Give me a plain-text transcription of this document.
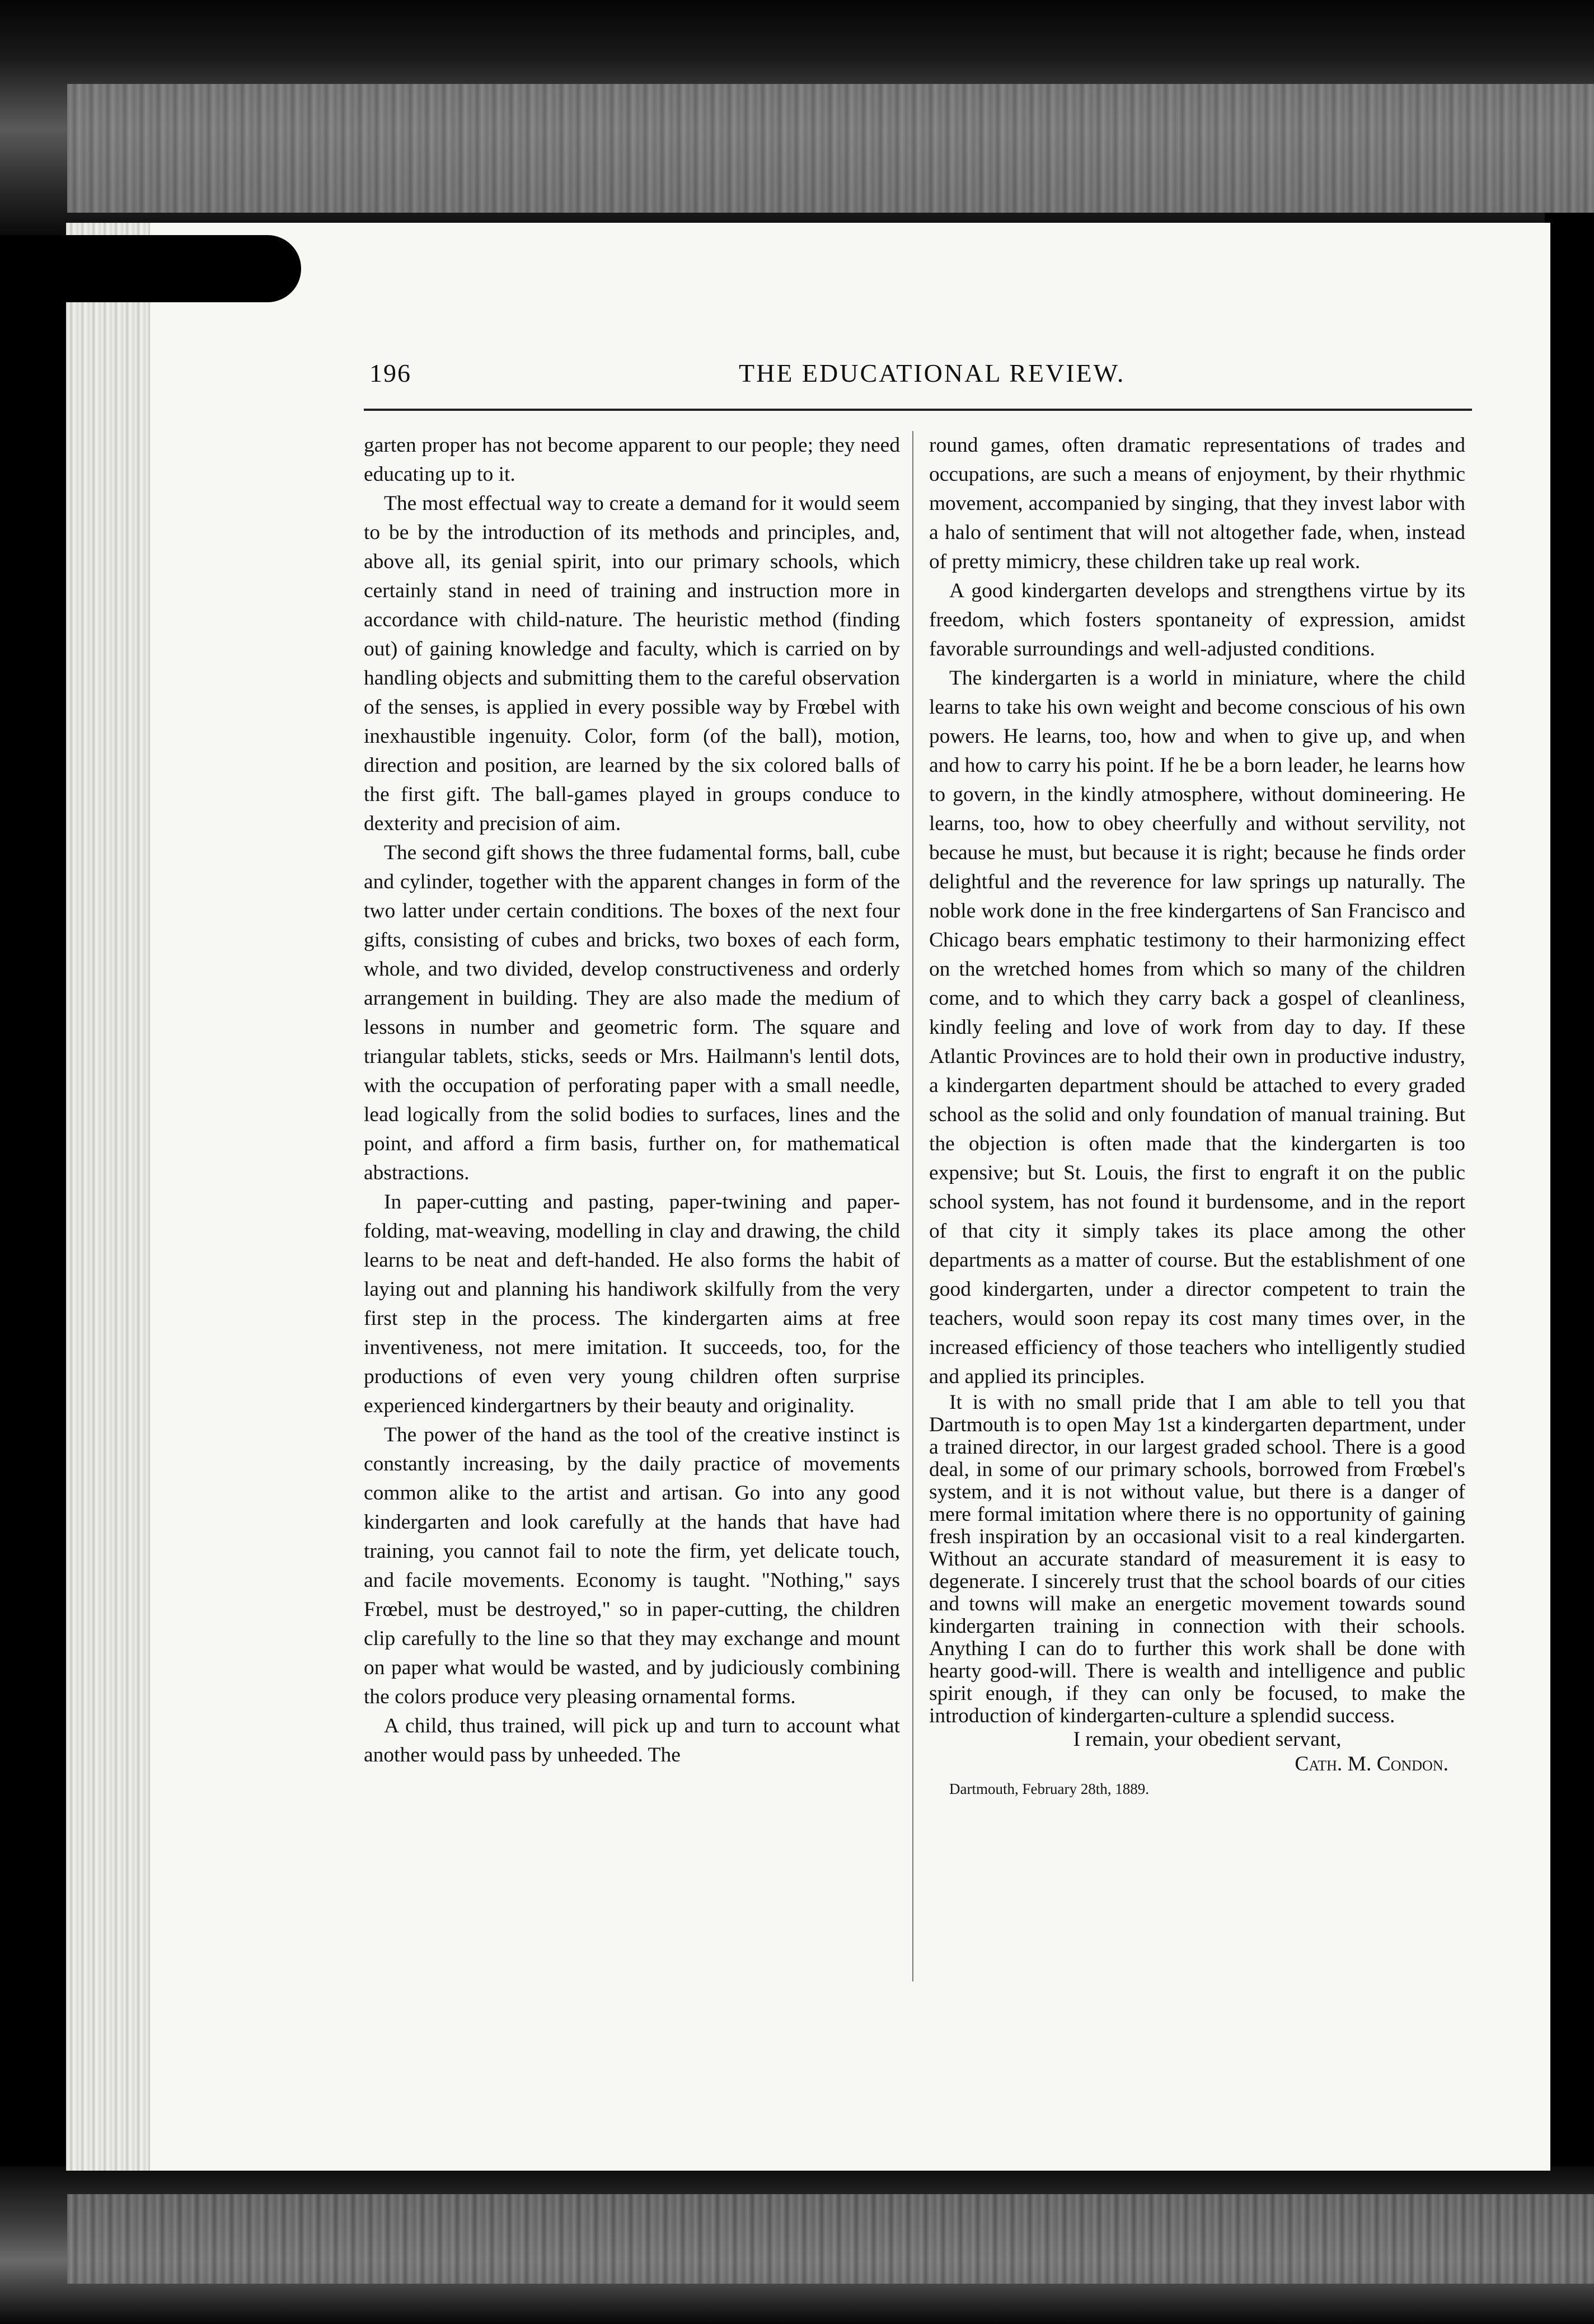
196	THE EDUCATIONAL REVIEW.

garten proper has not become apparent to our people; they need educating up to it.

The most effectual way to create a demand for it would seem to be by the introduction of its methods and principles, and, above all, its genial spirit, into our primary schools, which certainly stand in need of training and instruction more in accordance with child-nature. The heuristic method (finding out) of gaining knowledge and faculty, which is carried on by handling objects and submitting them to the careful observation of the senses, is applied in every possible way by Frœbel with inexhaustible ingenuity. Color, form (of the ball), motion, direction and position, are learned by the six colored balls of the first gift. The ball-games played in groups conduce to dexterity and precision of aim.

The second gift shows the three fudamental forms, ball, cube and cylinder, together with the apparent changes in form of the two latter under certain conditions. The boxes of the next four gifts, consisting of cubes and bricks, two boxes of each form, whole, and two divided, develop constructiveness and orderly arrangement in building. They are also made the medium of lessons in number and geometric form. The square and triangular tablets, sticks, seeds or Mrs. Hailmann's lentil dots, with the occupation of perforating paper with a small needle, lead logically from the solid bodies to surfaces, lines and the point, and afford a firm basis, further on, for mathematical abstractions.

In paper-cutting and pasting, paper-twining and paper-folding, mat-weaving, modelling in clay and drawing, the child learns to be neat and deft-handed. He also forms the habit of laying out and planning his handiwork skilfully from the very first step in the process. The kindergarten aims at free inventiveness, not mere imitation. It succeeds, too, for the productions of even very young children often surprise experienced kindergartners by their beauty and originality.

The power of the hand as the tool of the creative instinct is constantly increasing, by the daily practice of movements common alike to the artist and artisan. Go into any good kindergarten and look carefully at the hands that have had training, you cannot fail to note the firm, yet delicate touch, and facile movements. Economy is taught. "Nothing," says Frœbel, must be destroyed," so in paper-cutting, the children clip carefully to the line so that they may exchange and mount on paper what would be wasted, and by judiciously combining the colors produce very pleasing ornamental forms.

A child, thus trained, will pick up and turn to account what another would pass by unheeded. The

round games, often dramatic representations of trades and occupations, are such a means of enjoyment, by their rhythmic movement, accompanied by singing, that they invest labor with a halo of sentiment that will not altogether fade, when, instead of pretty mimicry, these children take up real work.

A good kindergarten develops and strengthens virtue by its freedom, which fosters spontaneity of expression, amidst favorable surroundings and well-adjusted conditions.

The kindergarten is a world in miniature, where the child learns to take his own weight and become conscious of his own powers. He learns, too, how and when to give up, and when and how to carry his point. If he be a born leader, he learns how to govern, in the kindly atmosphere, without domineering. He learns, too, how to obey cheerfully and without servility, not because he must, but because it is right; because he finds order delightful and the reverence for law springs up naturally. The noble work done in the free kindergartens of San Francisco and Chicago bears emphatic testimony to their harmonizing effect on the wretched homes from which so many of the children come, and to which they carry back a gospel of cleanliness, kindly feeling and love of work from day to day. If these Atlantic Provinces are to hold their own in productive industry, a kindergarten department should be attached to every graded school as the solid and only foundation of manual training. But the objection is often made that the kindergarten is too expensive; but St. Louis, the first to engraft it on the public school system, has not found it burdensome, and in the report of that city it simply takes its place among the other departments as a matter of course. But the establishment of one good kindergarten, under a director competent to train the teachers, would soon repay its cost many times over, in the increased efficiency of those teachers who intelligently studied and applied its principles.

It is with no small pride that I am able to tell you that Dartmouth is to open May 1st a kindergarten department, under a trained director, in our largest graded school. There is a good deal, in some of our primary schools, borrowed from Frœbel's system, and it is not without value, but there is a danger of mere formal imitation where there is no opportunity of gaining fresh inspiration by an occasional visit to a real kindergarten. Without an accurate standard of measurement it is easy to degenerate. I sincerely trust that the school boards of our cities and towns will make an energetic movement towards sound kindergarten training in connection with their schools. Anything I can do to further this work shall be done with hearty good-will. There is wealth and intelligence and public spirit enough, if they can only be focused, to make the introduction of kindergarten-culture a splendid success.

I remain, your obedient servant,

Cath. M. Condon.

Dartmouth, February 28th, 1889.
